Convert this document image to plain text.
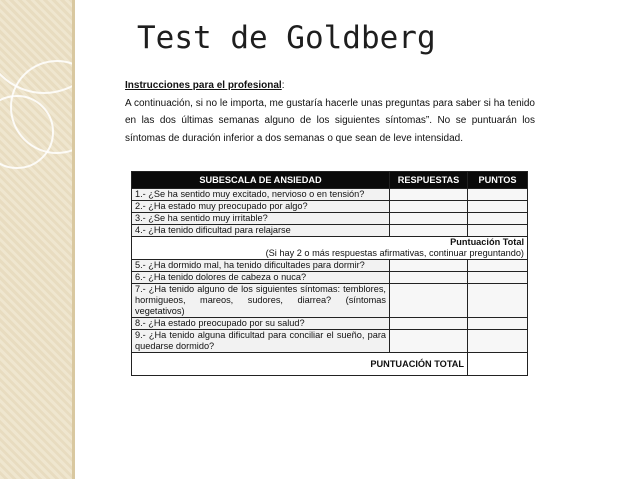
Test de Goldberg
Instrucciones para el profesional:
A continuación, si no le importa, me gustaría hacerle unas preguntas para saber si ha tenido en las dos últimas semanas alguno de los siguientes síntomas”. No se puntuarán los síntomas de duración inferior a dos semanas o que sean de leve intensidad.
SUBESCALA DE ANSIEDAD	RESPUESTAS	PUNTOS
1.- ¿Se ha sentido muy excitado, nervioso o en tensión?		
2.- ¿Ha estado muy preocupado por algo?		
3.- ¿Se ha sentido muy irritable?		
4.- ¿Ha tenido dificultad para relajarse		

Puntuación Total
(Si hay 2 o más respuestas afirmativas, continuar preguntando)		

5.- ¿Ha dormido mal, ha tenido dificultades para dormir?		
6.- ¿Ha tenido dolores de cabeza o nuca?		
7.- ¿Ha tenido alguno de los siguientes síntomas: temblores, hormigueos, mareos, sudores, diarrea? (síntomas vegetativos)		
8.- ¿Ha estado preocupado por su salud?		
9.- ¿Ha tenido alguna dificultad para conciliar el sueño, para quedarse dormido?		
PUNTUACIÓN TOTAL		
